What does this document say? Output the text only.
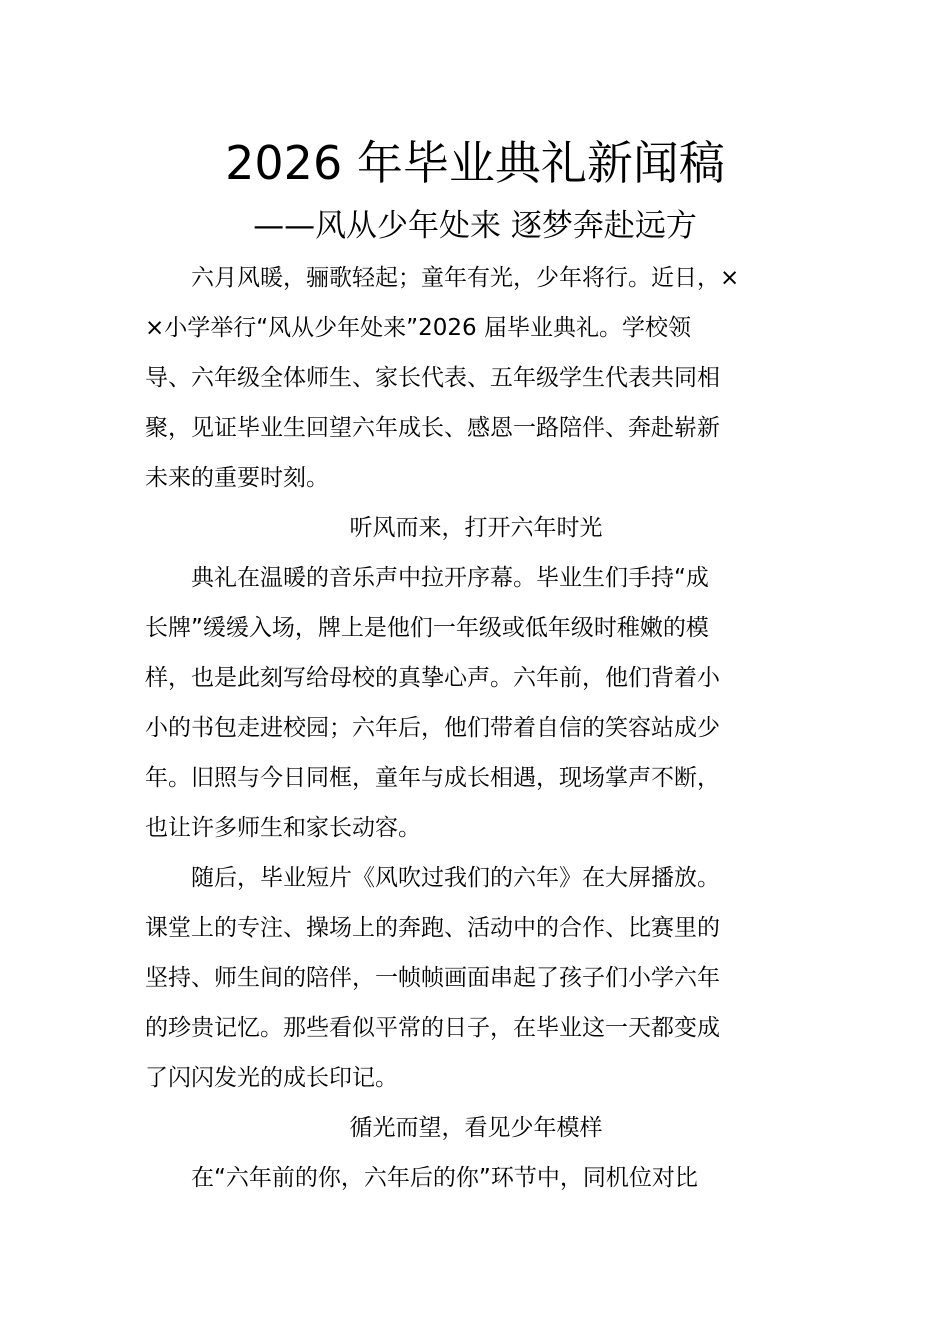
2026 年毕业典礼新闻稿
——风从少年处来 逐梦奔赴远方
　　六月风暖，骊歌轻起；童年有光，少年将行。近日，×
×小学举行“风从少年处来”2026 届毕业典礼。学校领
导、六年级全体师生、家长代表、五年级学生代表共同相
聚，见证毕业生回望六年成长、感恩一路陪伴、奔赴崭新
未来的重要时刻。
听风而来，打开六年时光
　　典礼在温暖的音乐声中拉开序幕。毕业生们手持“成
长牌”缓缓入场，牌上是他们一年级或低年级时稚嫩的模
样，也是此刻写给母校的真挚心声。六年前，他们背着小
小的书包走进校园；六年后，他们带着自信的笑容站成少
年。旧照与今日同框，童年与成长相遇，现场掌声不断，
也让许多师生和家长动容。
　　随后，毕业短片《风吹过我们的六年》在大屏播放。
课堂上的专注、操场上的奔跑、活动中的合作、比赛里的
坚持、师生间的陪伴，一帧帧画面串起了孩子们小学六年
的珍贵记忆。那些看似平常的日子，在毕业这一天都变成
了闪闪发光的成长印记。
循光而望，看见少年模样
　　在“六年前的你，六年后的你”环节中，同机位对比
